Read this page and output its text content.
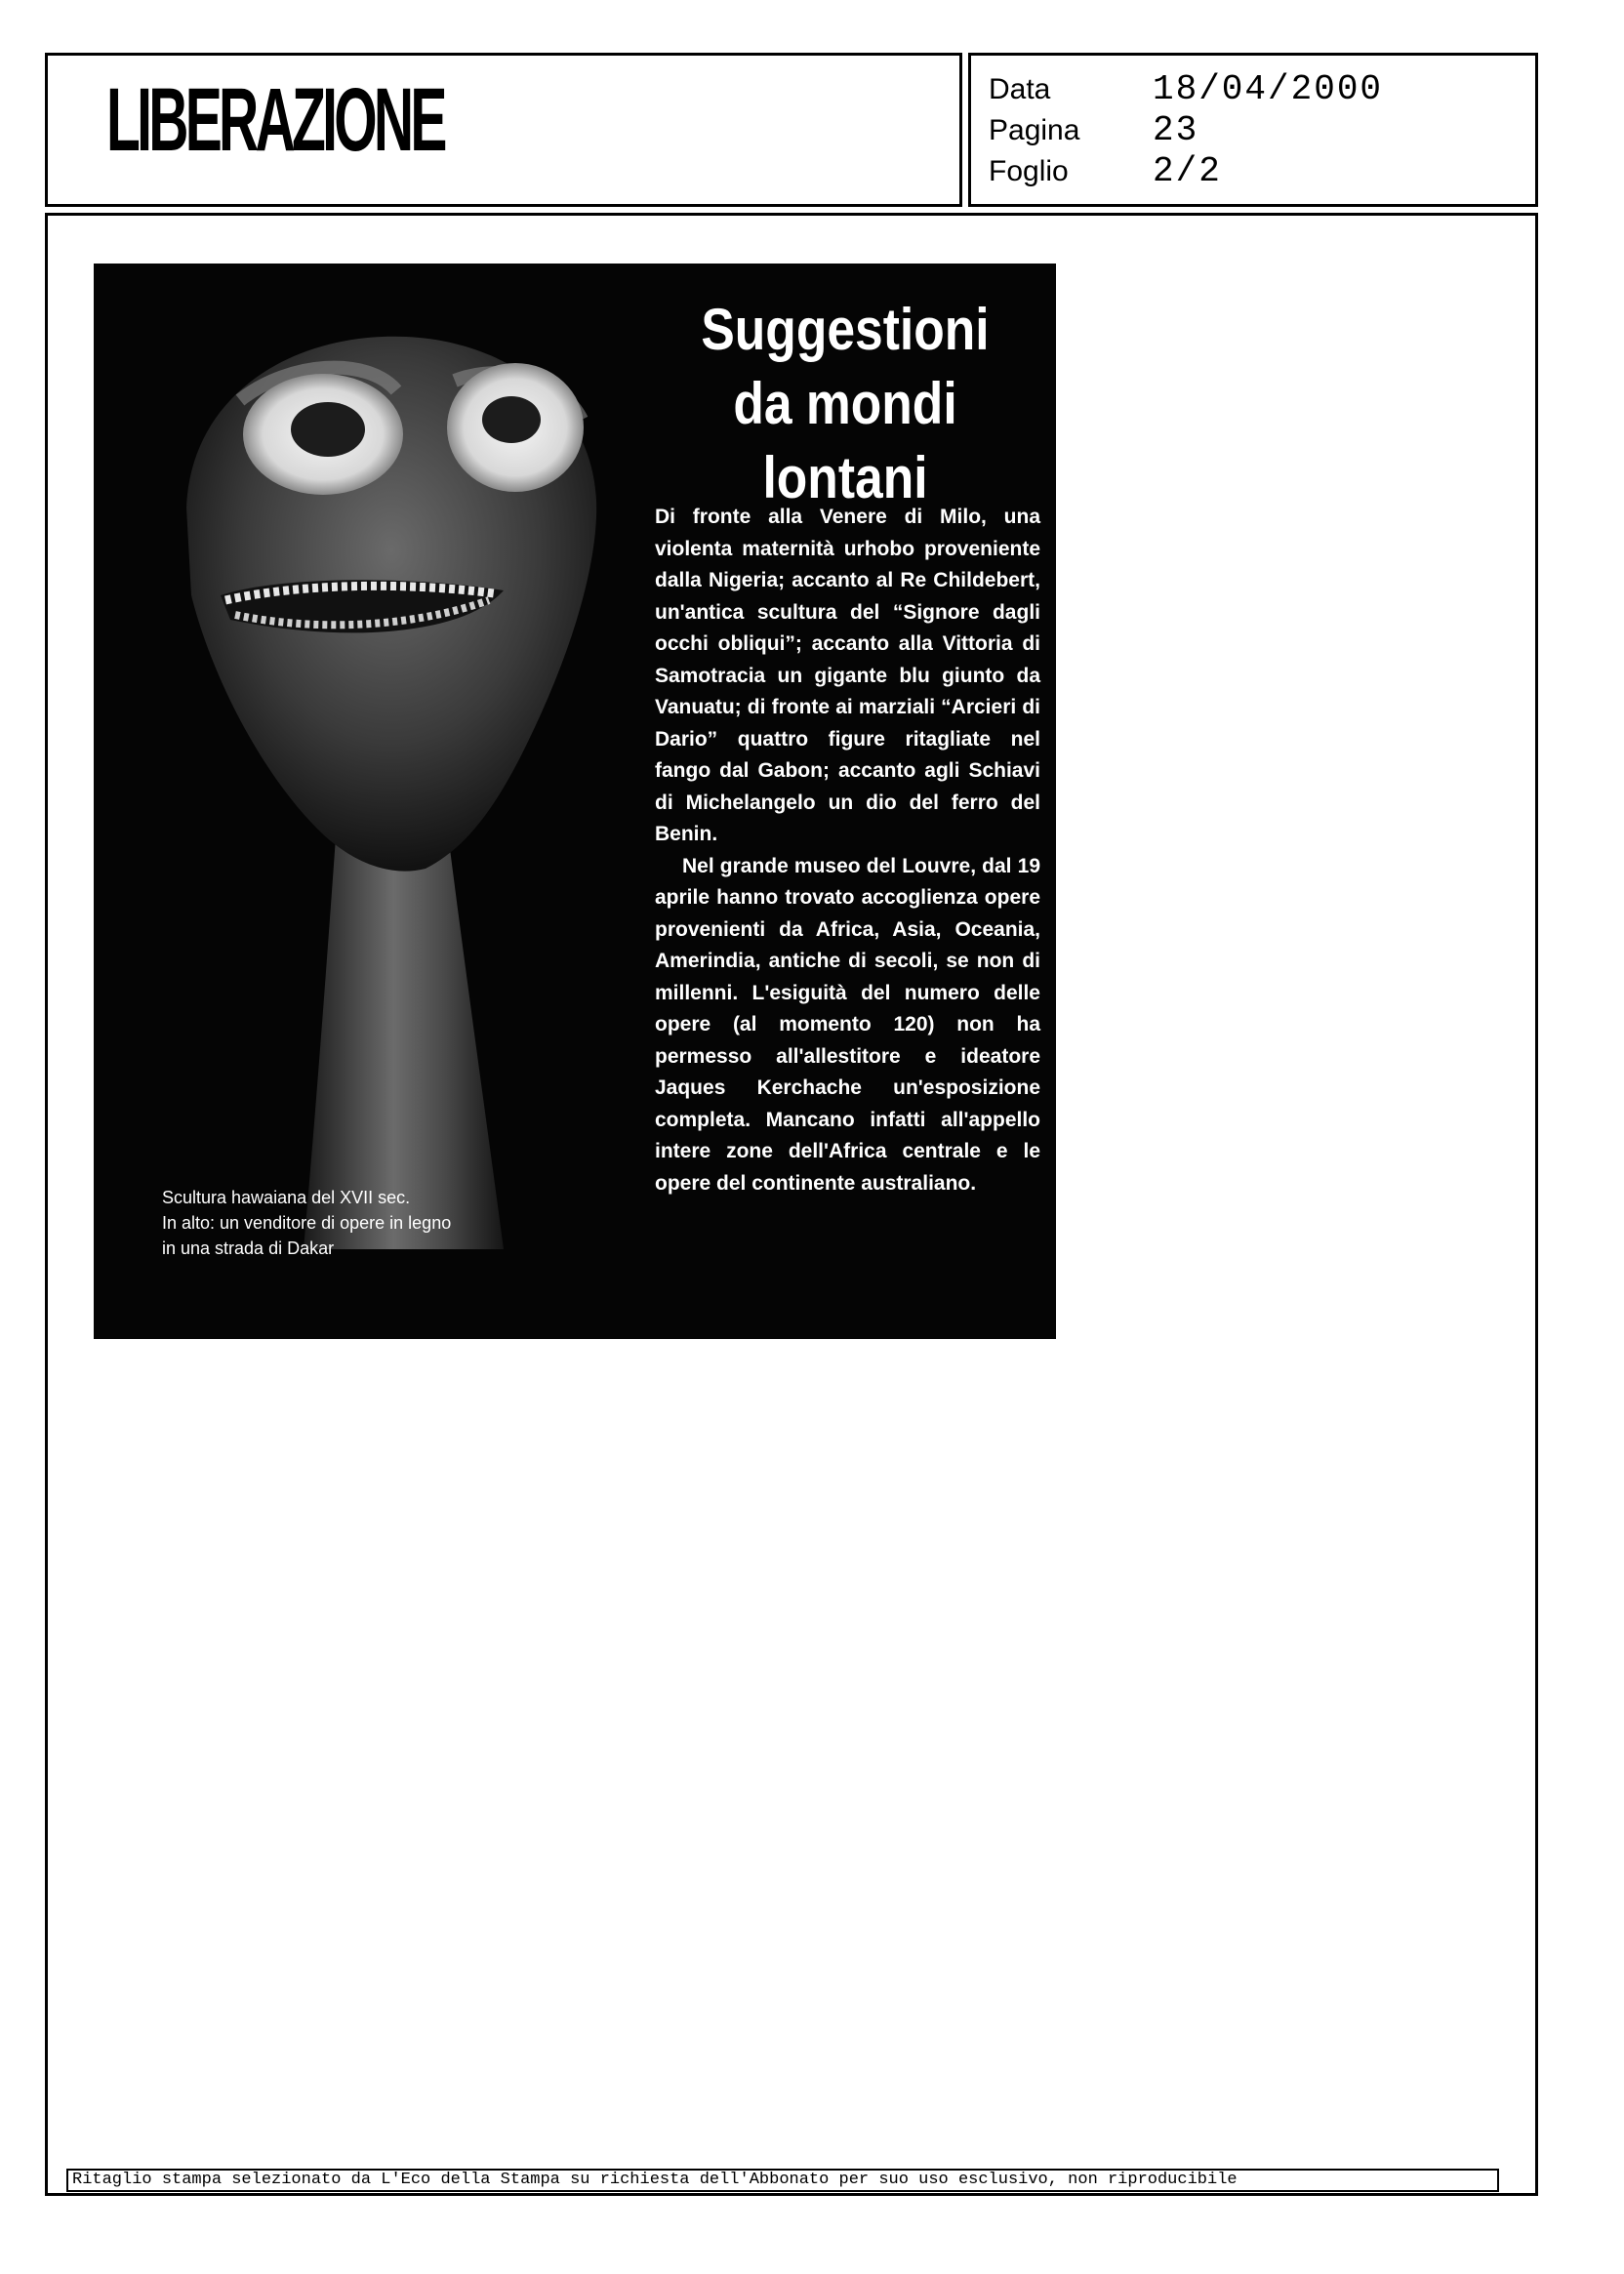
LIBERAZIONE	Data	18/04/2000
Pagina 23
Foglio 2/2
Suggestioni
da mondi
lontani

Di fronte alla Venere di Milo, una violenta maternità urhobo proveniente dalla Nigeria; accanto al Re Childebert, un'antica scultura del “Signore dagli occhi obliqui”; accanto alla Vittoria di Samotracia un gigante blu giunto da Vanuatu; di fronte ai marziali “Arcieri di Dario” quattro figure ritagliate nel fango dal Gabon; accanto agli Schiavi di Michelangelo un dio del ferro del Benin.

Nel grande museo del Louvre, dal 19 aprile hanno trovato accoglienza opere provenienti da Africa, Asia, Oceania, Amerindia, antiche di secoli, se non di millenni. L'esiguità del numero delle opere (al momento 120) non ha permesso all'allestitore e ideatore Jaques Kerchache un'esposizione completa. Mancano infatti all'appello intere zone dell'Africa centrale e le opere del continente australiano.

Scultura hawaiana del XVII sec.
In alto: un venditore di opere in legno
in una strada di Dakar
Ritaglio stampa selezionato da L'Eco della Stampa su richiesta dell'Abbonato per suo uso esclusivo, non riproducibile
